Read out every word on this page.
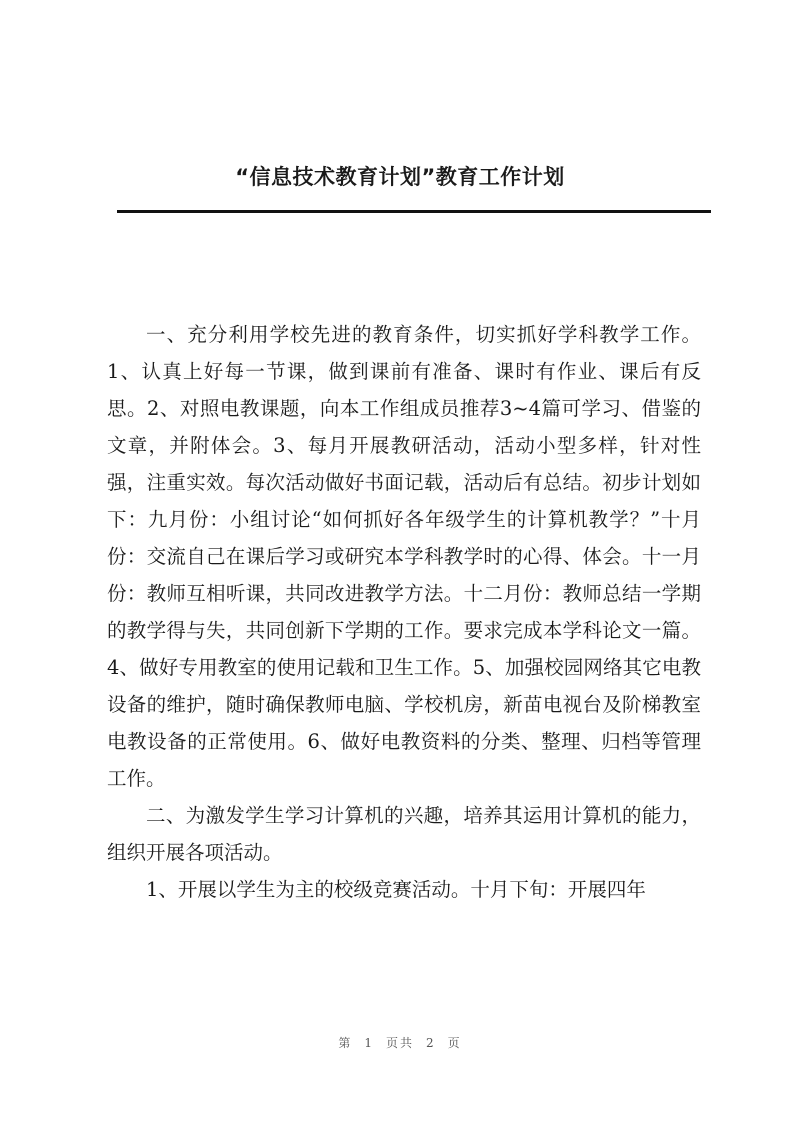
“信息技术教育计划”教育工作计划

一、充分利用学校先进的教育条件，切实抓好学科教学工作。1、认真上好每一节课，做到课前有准备、课时有作业、课后有反思。2、对照电教课题，向本工作组成员推荐3~4篇可学习、借鉴的文章，并附体会。3、每月开展教研活动，活动小型多样，针对性强，注重实效。每次活动做好书面记载，活动后有总结。初步计划如下：九月份：小组讨论“如何抓好各年级学生的计算机教学？”十月份：交流自己在课后学习或研究本学科教学时的心得、体会。十一月份：教师互相听课，共同改进教学方法。十二月份：教师总结一学期的教学得与失，共同创新下学期的工作。要求完成本学科论文一篇。4、做好专用教室的使用记载和卫生工作。5、加强校园网络其它电教设备的维护，随时确保教师电脑、学校机房，新苗电视台及阶梯教室电教设备的正常使用。6、做好电教资料的分类、整理、归档等管理工作。

二、为激发学生学习计算机的兴趣，培养其运用计算机的能力，组织开展各项活动。

1、开展以学生为主的校级竞赛活动。十月下旬：开展四年

第 1 页共 2 页
